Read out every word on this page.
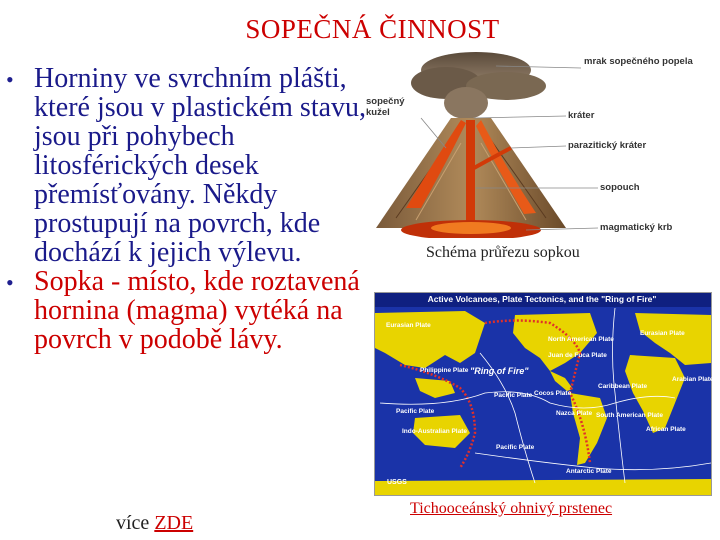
SOPEČNÁ ČINNOST
• Horniny ve svrchním plášti, které jsou v plastickém stavu, jsou při pohybech litosférických desek přemísťovány. Někdy prostupují na povrch, kde dochází k jejich výlevu.
• Sopka - místo, kde roztavená hornina (magma) vytéká na povrch v podobě lávy.
více ZDE
mrak sopečného popela
sopečný kužel	kráter
parazitický kráter
sopouch
magmatický krb
Schéma průřezu sopkou
Active Volcanoes, Plate Tectonics, and the "Ring of Fire"
Eurasian Plate
North American Plate
Eurasian Plate
Philippine Plate
Juan de Fuca Plate
Caribbean Plate
Arabian Plate
Cocos Plate
Pacific Plate
Pacific Plate
Nazca Plate South American Plate
African Plate
Indo-Australian Plate
Pacific Plate
Antarctic Plate
"Ring of Fire"
USGS
Tichooceánský ohnivý prstenec
